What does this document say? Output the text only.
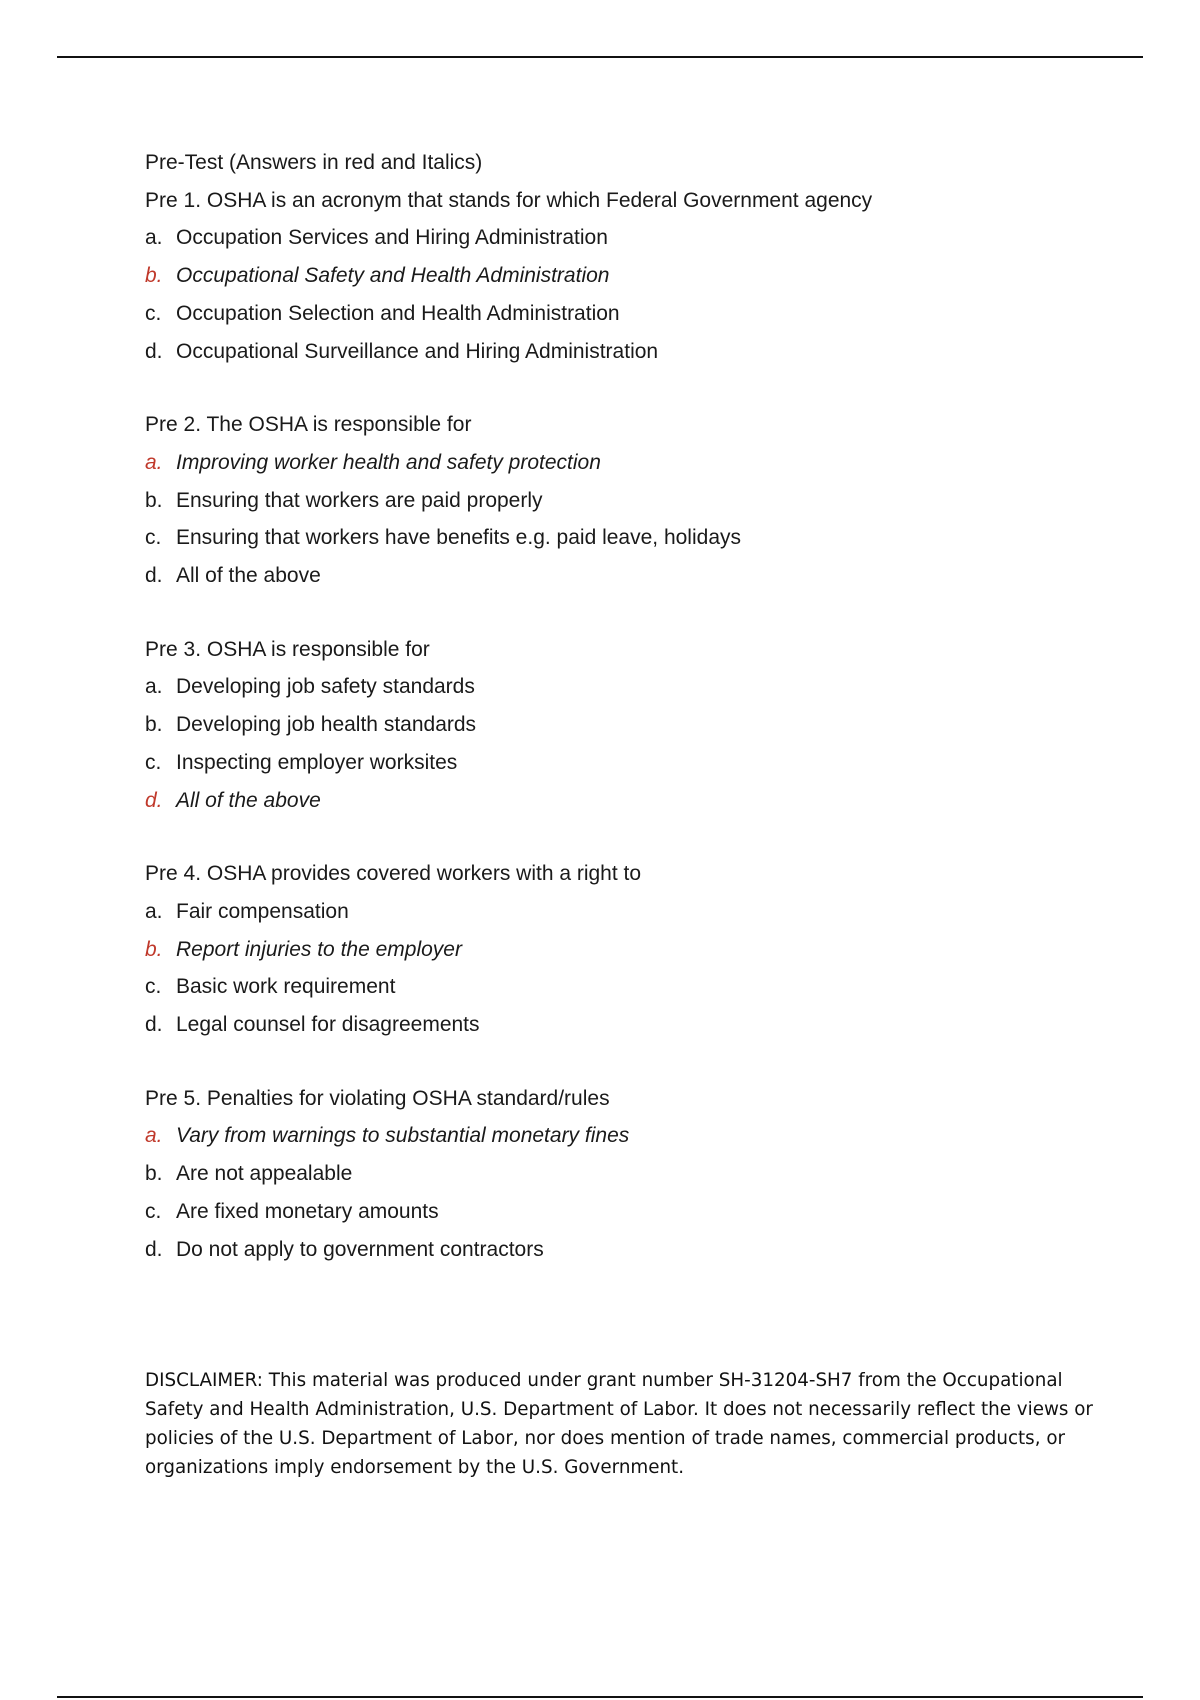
Pre-Test (Answers in red and Italics)

Pre 1. OSHA is an acronym that stands for which Federal Government agency

a. Occupation Services and Hiring Administration

b. Occupational Safety and Health Administration

c. Occupation Selection and Health Administration

d. Occupational Surveillance and Hiring Administration

Pre 2. The OSHA is responsible for

a. Improving worker health and safety protection

b. Ensuring that workers are paid properly

c. Ensuring that workers have benefits e.g. paid leave, holidays

d. All of the above

Pre 3. OSHA is responsible for

a. Developing job safety standards

b. Developing job health standards

c. Inspecting employer worksites

d. All of the above

Pre 4. OSHA provides covered workers with a right to

a. Fair compensation

b. Report injuries to the employer

c. Basic work requirement

d. Legal counsel for disagreements

Pre 5. Penalties for violating OSHA standard/rules

a. Vary from warnings to substantial monetary fines

b. Are not appealable

c. Are fixed monetary amounts

d. Do not apply to government contractors

DISCLAIMER: This material was produced under grant number SH-31204-SH7 from the Occupational
Safety and Health Administration, U.S. Department of Labor. It does not necessarily reflect the views or
policies of the U.S. Department of Labor, nor does mention of trade names, commercial products, or
organizations imply endorsement by the U.S. Government.
